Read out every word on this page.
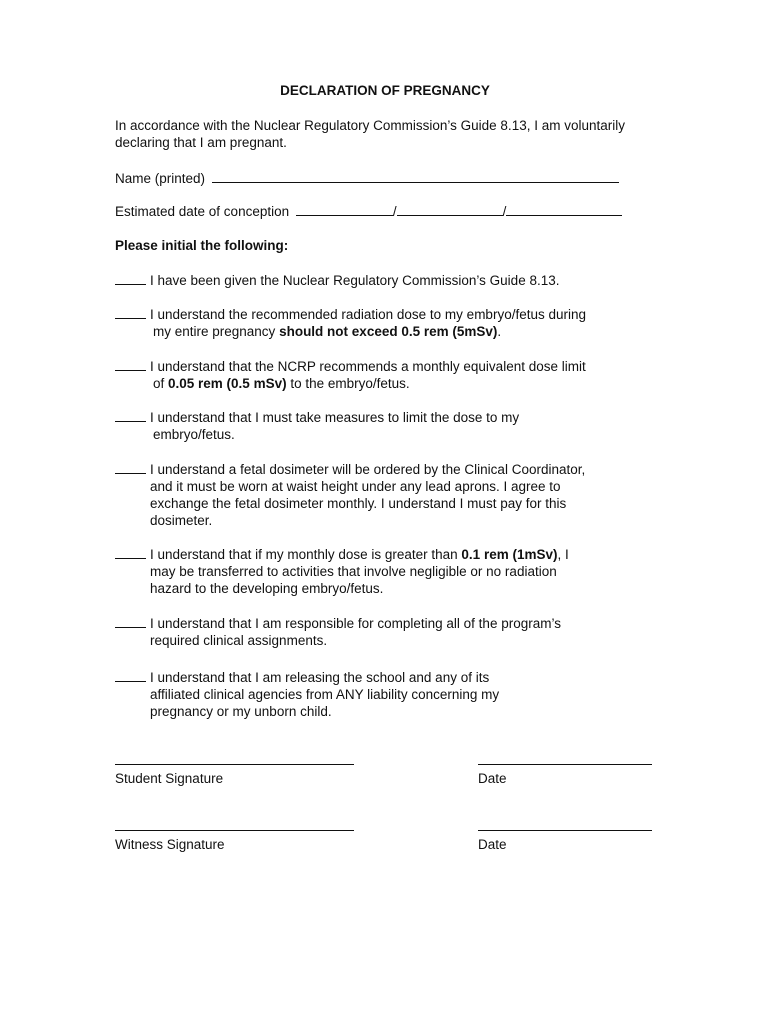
DECLARATION OF PREGNANCY
In accordance with the Nuclear Regulatory Commission’s Guide 8.13, I am voluntarily declaring that I am pregnant.
Name (printed)
Estimated date of conception	/	/
Please initial the following:
I have been given the Nuclear Regulatory Commission’s Guide 8.13.
I understand the recommended radiation dose to my embryo/fetus during
my entire pregnancy should not exceed 0.5 rem (5mSv).
I understand that the NCRP recommends a monthly equivalent dose limit
of 0.05 rem (0.5 mSv) to the embryo/fetus.
I understand that I must take measures to limit the dose to my
embryo/fetus.
I understand a fetal dosimeter will be ordered by the Clinical Coordinator,
and it must be worn at waist height under any lead aprons. I agree to
exchange the fetal dosimeter monthly. I understand I must pay for this
dosimeter.
I understand that if my monthly dose is greater than 0.1 rem (1mSv), I
may be transferred to activities that involve negligible or no radiation
hazard to the developing embryo/fetus.
I understand that I am responsible for completing all of the program’s
required clinical assignments.
I understand that I am releasing the school and any of its
affiliated clinical agencies from ANY liability concerning my
pregnancy or my unborn child.
Student Signature	Date
Witness Signature	Date
